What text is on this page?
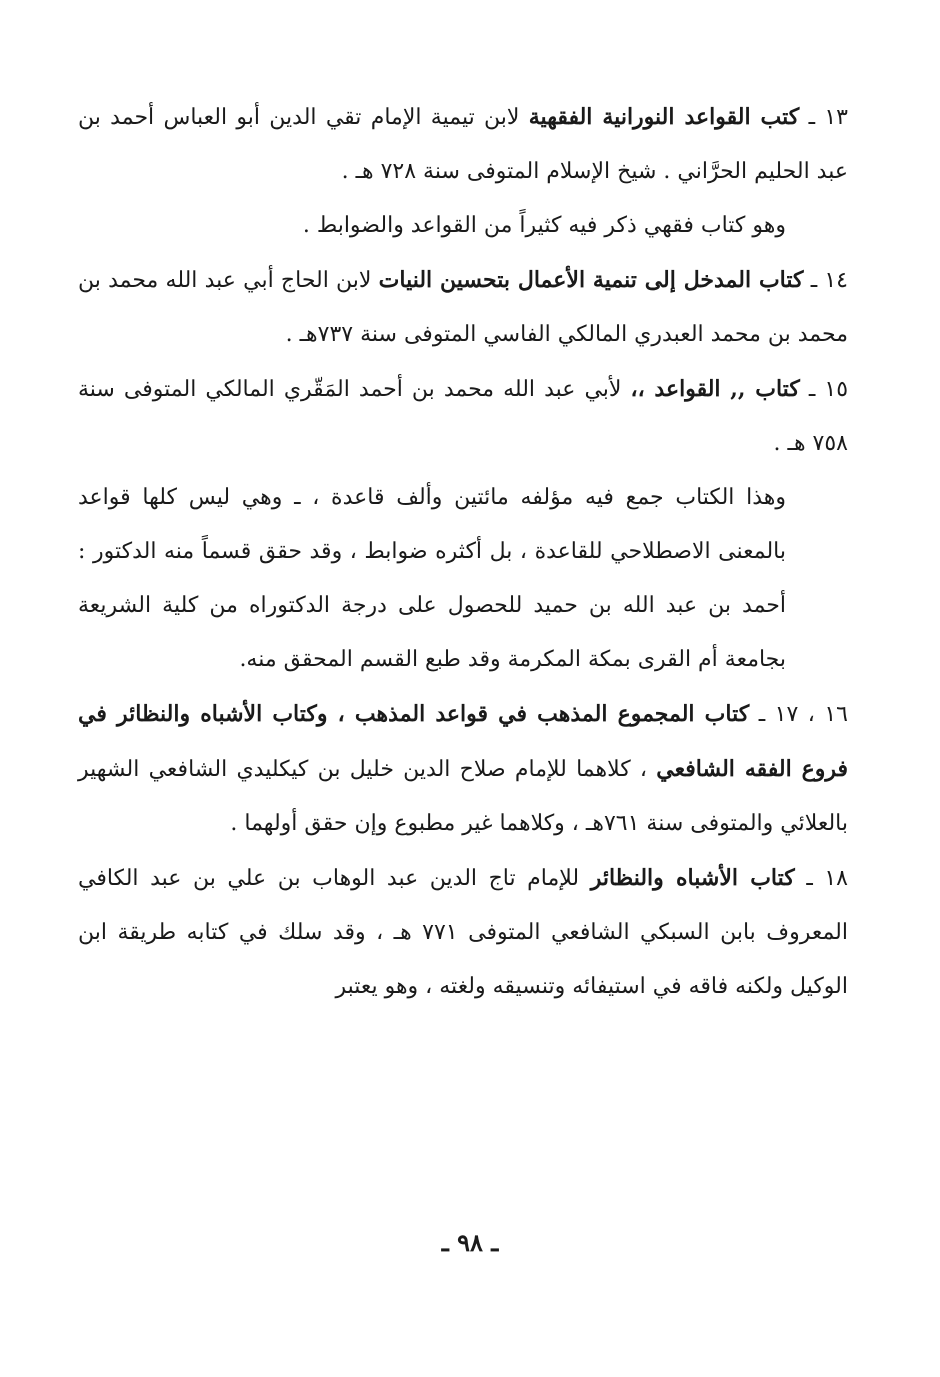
١٣ ـ كتب القواعد النورانية الفقهية لابن تيمية الإمام تقي الدين أبو العباس أحمد بن عبد الحليم الحرَّاني . شيخ الإسلام المتوفى سنة ٧٢٨ هـ .

وهو كتاب فقهي ذكر فيه كثيراً من القواعد والضوابط .

١٤ ـ كتاب المدخل إلى تنمية الأعمال بتحسين النيات لابن الحاج أبي عبد الله محمد بن محمد بن محمد العبدري المالكي الفاسي المتوفى سنة ٧٣٧هـ .

١٥ ـ كتاب ,, القواعد ،، لأبي عبد الله محمد بن أحمد المَقّري المالكي المتوفى سنة ٧٥٨ هـ .

وهذا الكتاب جمع فيه مؤلفه مائتين وألف قاعدة ، ـ وهي ليس كلها قواعد بالمعنى الاصطلاحي للقاعدة ، بل أكثره ضوابط ، وقد حقق قسماً منه الدكتور : أحمد بن عبد الله بن حميد للحصول على درجة الدكتوراه من كلية الشريعة بجامعة أم القرى بمكة المكرمة وقد طبع القسم المحقق منه.

١٦ ، ١٧ ـ كتاب المجموع المذهب في قواعد المذهب ، وكتاب الأشباه والنظائر في فروع الفقه الشافعي ، كلاهما للإمام صلاح الدين خليل بن كيكليدي الشافعي الشهير بالعلائي والمتوفى سنة ٧٦١هـ ، وكلاهما غير مطبوع وإن حقق أولهما .

١٨ ـ كتاب الأشباه والنظائر للإمام تاج الدين عبد الوهاب بن علي بن عبد الكافي المعروف بابن السبكي الشافعي المتوفى ٧٧١ هـ ، وقد سلك في كتابه طريقة ابن الوكيل ولكنه فاقه في استيفائه وتنسيقه ولغته ، وهو يعتبر

ـ ٩٨ ـ
